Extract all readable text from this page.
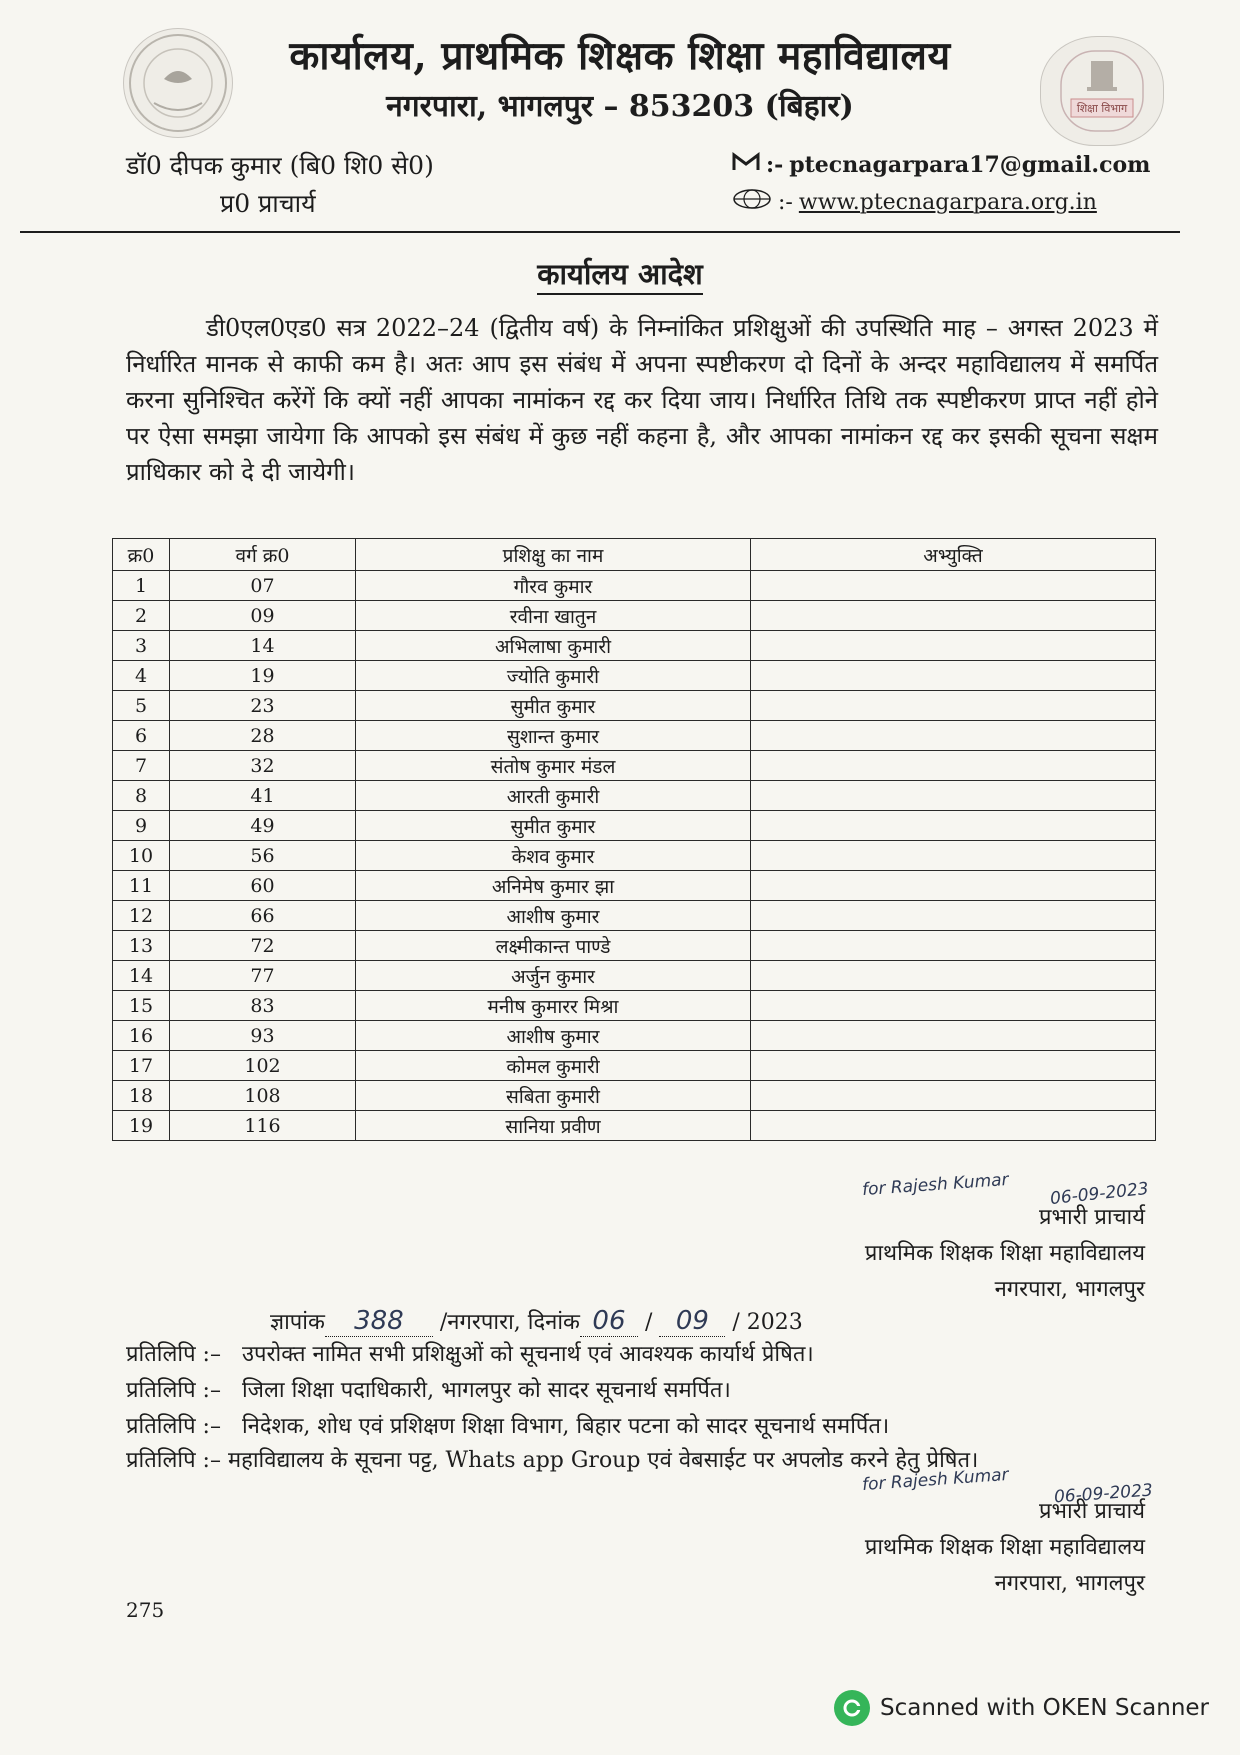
शिक्षा विभाग
कार्यालय, प्राथमिक शिक्षक शिक्षा महाविद्यालय
नगरपारा, भागलपुर – 853203 (बिहार)
डॉ0 दीपक कुमार (बि0 शि0 से0)
प्र0 प्राचार्य
:- ptecnagarpara17@gmail.com
:- www.ptecnagarpara.org.in
कार्यालय आदेश
डी0एल0एड0 सत्र 2022–24 (द्वितीय वर्ष) के निम्नांकित प्रशिक्षुओं की उपस्थिति माह – अगस्त 2023 में निर्धारित मानक से काफी कम है। अतः आप इस संबंध में अपना स्पष्टीकरण दो दिनों के अन्दर महाविद्यालय में समर्पित करना सुनिश्चित करेंगें कि क्यों नहीं आपका नामांकन रद्द कर दिया जाय। निर्धारित तिथि तक स्पष्टीकरण प्राप्त नहीं होने पर ऐसा समझा जायेगा कि आपको इस संबंध में कुछ नहीं कहना है, और आपका नामांकन रद्द कर इसकी सूचना सक्षम प्राधिकार को दे दी जायेगी।
क्र0	वर्ग क्र0	प्रशिक्षु का नाम	अभ्युक्ति
1	07	गौरव कुमार	
2	09	रवीना खातुन	
3	14	अभिलाषा कुमारी	
4	19	ज्योति कुमारी	
5	23	सुमीत कुमार	
6	28	सुशान्त कुमार	
7	32	संतोष कुमार मंडल	
8	41	आरती कुमारी	
9	49	सुमीत कुमार	
10	56	केशव कुमार	
11	60	अनिमेष कुमार झा	
12	66	आशीष कुमार	
13	72	लक्ष्मीकान्त पाण्डे	
14	77	अर्जुन कुमार	
15	83	मनीष कुमारर मिश्रा	
16	93	आशीष कुमार	
17	102	कोमल कुमारी	
18	108	सबिता कुमारी	
19	116	सानिया प्रवीण	
for Rajesh Kumar 06-09-2023
प्रभारी प्राचार्य
प्राथमिक शिक्षक शिक्षा महाविद्यालय
नगरपारा, भागलपुर
ज्ञापांक 388 /नगरपारा, दिनांक 06 / 09 / 2023
प्रतिलिपि :– उपरोक्त नामित सभी प्रशिक्षुओं को सूचनार्थ एवं आवश्यक कार्यार्थ प्रेषित।
प्रतिलिपि :– जिला शिक्षा पदाधिकारी, भागलपुर को सादर सूचनार्थ समर्पित।
प्रतिलिपि :– निदेशक, शोध एवं प्रशिक्षण शिक्षा विभाग, बिहार पटना को सादर सूचनार्थ समर्पित।
प्रतिलिपि :– महाविद्यालय के सूचना पट्ट, Whats app Group एवं वेबसाईट पर अपलोड करने हेतु प्रेषित।
for Rajesh Kumar	06-09-2023
प्रभारी प्राचार्य
प्राथमिक शिक्षक शिक्षा महाविद्यालय
नगरपारा, भागलपुर
275
Scanned with OKEN Scanner
